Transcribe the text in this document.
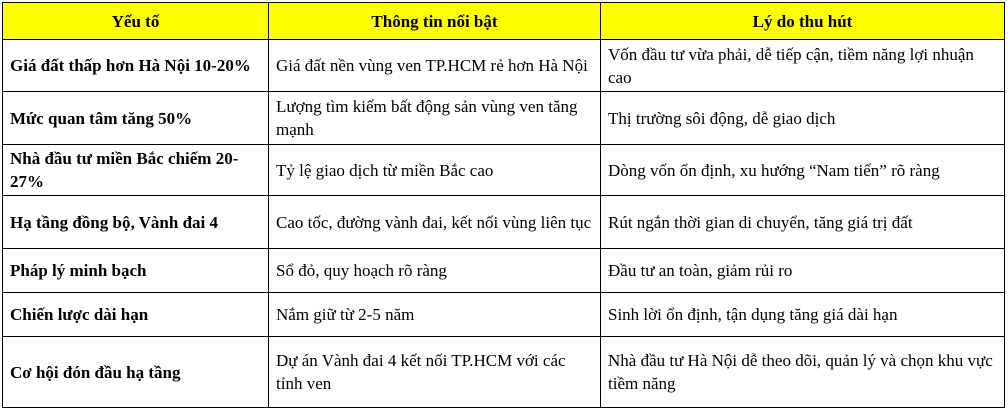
Yếu tố	Thông tin nổi bật	Lý do thu hút
Giá đất thấp hơn Hà Nội 10-20%	Giá đất nền vùng ven TP.HCM rẻ hơn Hà Nội	Vốn đầu tư vừa phải, dễ tiếp cận, tiềm năng lợi nhuận cao
Mức quan tâm tăng 50%	Lượng tìm kiếm bất động sản vùng ven tăng mạnh	Thị trường sôi động, dễ giao dịch
Nhà đầu tư miền Bắc chiếm 20-27%	Tỷ lệ giao dịch từ miền Bắc cao	Dòng vốn ổn định, xu hướng “Nam tiến” rõ ràng
Hạ tầng đồng bộ, Vành đai 4	Cao tốc, đường vành đai, kết nối vùng liên tục	Rút ngắn thời gian di chuyển, tăng giá trị đất
Pháp lý minh bạch	Sổ đỏ, quy hoạch rõ ràng	Đầu tư an toàn, giảm rủi ro
Chiến lược dài hạn	Nắm giữ từ 2-5 năm	Sinh lời ổn định, tận dụng tăng giá dài hạn
Cơ hội đón đầu hạ tầng	Dự án Vành đai 4 kết nối TP.HCM với các tỉnh ven	Nhà đầu tư Hà Nội dễ theo dõi, quản lý và chọn khu vực tiềm năng
